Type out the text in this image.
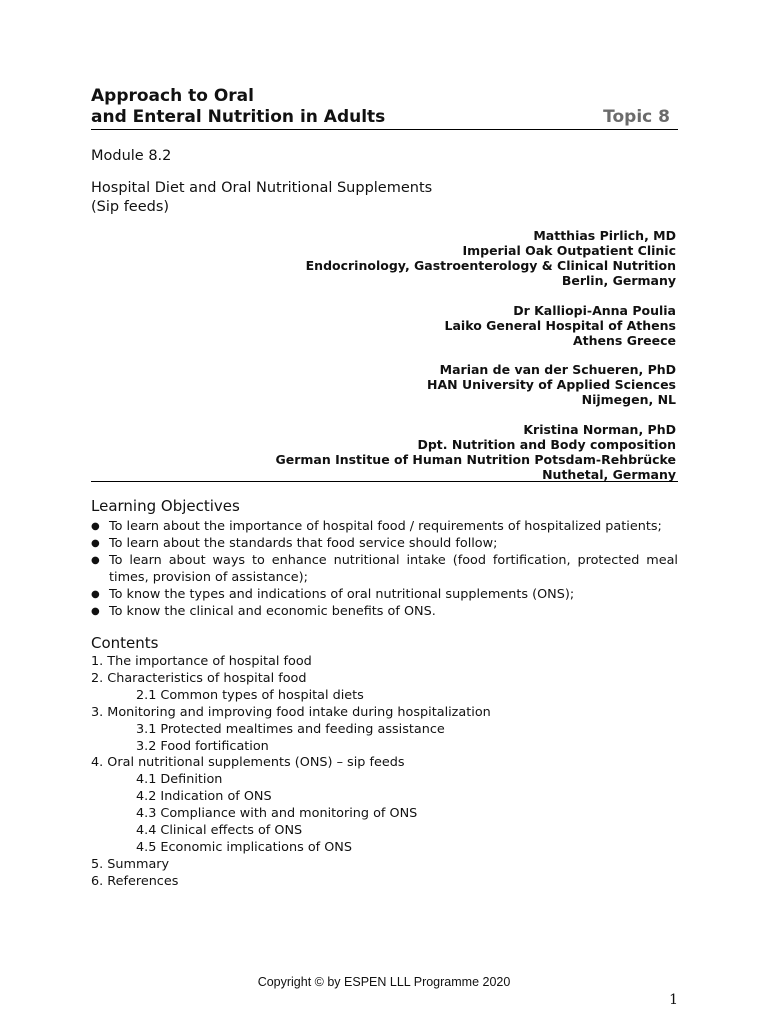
Approach to Oral
and Enteral Nutrition in Adults	Topic 8
Module 8.2
Hospital Diet and Oral Nutritional Supplements
(Sip feeds)
Matthias Pirlich, MD
Imperial Oak Outpatient Clinic
Endocrinology, Gastroenterology & Clinical Nutrition
Berlin, Germany
Dr Kalliopi-Anna Poulia
Laiko General Hospital of Athens
Athens Greece
Marian de van der Schueren, PhD
HAN University of Applied Sciences
Nijmegen, NL
Kristina Norman, PhD
Dpt. Nutrition and Body composition
German Institue of Human Nutrition Potsdam-Rehbrücke
Nuthetal, Germany
Learning Objectives
● To learn about the importance of hospital food / requirements of hospitalized patients;
● To learn about the standards that food service should follow;
● To learn about ways to enhance nutritional intake (food fortification, protected meal times, provision of assistance);
● To know the types and indications of oral nutritional supplements (ONS);
● To know the clinical and economic benefits of ONS.
Contents
1. The importance of hospital food
2. Characteristics of hospital food
2.1 Common types of hospital diets
3. Monitoring and improving food intake during hospitalization
3.1 Protected mealtimes and feeding assistance
3.2 Food fortification
4. Oral nutritional supplements (ONS) – sip feeds
4.1 Definition
4.2 Indication of ONS
4.3 Compliance with and monitoring of ONS
4.4 Clinical effects of ONS
4.5 Economic implications of ONS
5. Summary
6. References
Copyright © by ESPEN LLL Programme 2020
1
